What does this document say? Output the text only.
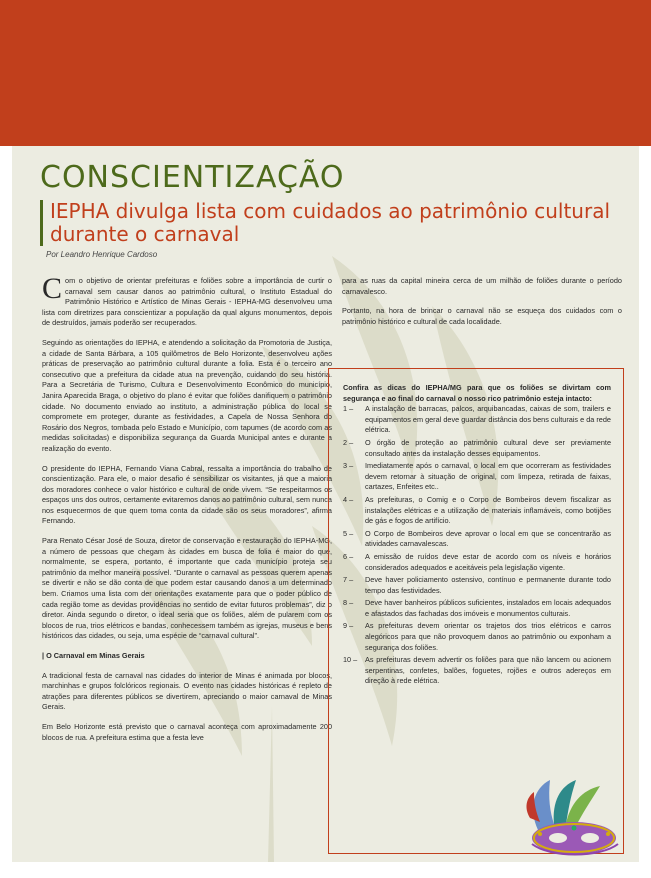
CONSCIENTIZAÇÃO
IEPHA divulga lista com cuidados ao patrimônio cultural durante o carnaval
Por Leandro Henrique Cardoso

Com o objetivo de orientar prefeituras e foliões sobre a importância de curtir o carnaval sem causar danos ao patrimônio cultural, o Instituto Estadual do Patrimônio Histórico e Artístico de Minas Gerais - IEPHA-MG desenvolveu uma lista com diretrizes para conscientizar a população da qual alguns monumentos, depois de destruídos, jamais poderão ser recuperados.

Seguindo as orientações do IEPHA, e atendendo a solicitação da Promotoria de Justiça, a cidade de Santa Bárbara, a 105 quilômetros de Belo Horizonte, desenvolveu ações práticas de preservação ao patrimônio cultural durante a folia. Esta é o terceiro ano consecutivo que a prefeitura da cidade atua na prevenção, cuidando do seu história. Para a Secretária de Turismo, Cultura e Desenvolvimento Econômico do município, Janira Aparecida Braga, o objetivo do plano é evitar que foliões danifiquem o patrimônio cidade. No documento enviado ao instituto, a administração pública do local se compromete em proteger, durante as festividades, a Capela de Nossa Senhora do Rosário dos Negros, tombada pelo Estado e Município, com tapumes (de acordo com as medidas solicitadas) e disponibiliza segurança da Guarda Municipal antes e durante a realização do evento.

O presidente do IEPHA, Fernando Viana Cabral, ressalta a importância do trabalho de conscientização. Para ele, o maior desafio é sensibilizar os visitantes, já que a maioria dos moradores conhece o valor histórico e cultural de onde vivem. “Se respeitarmos os espaços uns dos outros, certamente evitaremos danos ao patrimônio cultural, sem nunca nos esquecermos de que quem toma conta da cidade são os seus moradores”, afirma Fernando.

Para Renato César José de Souza, diretor de conservação e restauração do IEPHA-MG, a número de pessoas que chegam às cidades em busca de folia é maior do que, normalmente, se espera, portanto, é importante que cada município proteja seu patrimônio da melhor maneira possível. “Durante o carnaval as pessoas querem apenas se divertir e não se dão conta de que podem estar causando danos a um determinado bem. Criamos uma lista com der orientações exatamente para que o poder público de cada região tome as devidas providências no sentido de evitar futuros problemas”, diz o diretor. Ainda segundo o diretor, o ideal seria que os foliões, além de pularem com os blocos de rua, trios elétricos e bandas, conhecessem também as igrejas, museus e bens históricos das cidades, ou seja, uma espécie de “carnaval cultural”.

| O Carnaval em Minas Gerais

A tradicional festa de carnaval nas cidades do interior de Minas é animada por blocos, marchinhas e grupos folclóricos regionais. O evento nas cidades históricas é repleto de atrações para diferentes públicos se divertirem, apreciando o maior carnaval de Minas Gerais.

Em Belo Horizonte está previsto que o carnaval aconteça com aproximadamente 200 blocos de rua. A prefeitura estima que a festa leve

para as ruas da capital mineira cerca de um milhão de foliões durante o período carnavalesco.

Portanto, na hora de brincar o carnaval não se esqueça dos cuidados com o patrimônio histórico e cultural de cada localidade.

Confira as dicas do IEPHA/MG para que os foliões se divirtam com segurança e ao final do carnaval o nosso rico patrimônio esteja intacto:
1 –	A instalação de barracas, palcos, arquibancadas, caixas de som, trailers e equipamentos em geral deve guardar distância dos bens culturais e da rede elétrica.
2 –	O órgão de proteção ao patrimônio cultural deve ser previamente consultado antes da instalação desses equipamentos.
3 –	Imediatamente após o carnaval, o local em que ocorreram as festividades devem retornar à situação de original, com limpeza, retirada de faixas, cartazes, Enfeites etc..
4 –	As prefeituras, o Comig e o Corpo de Bombeiros devem fiscalizar as instalações elétricas e a utilização de materiais inflamáveis, como botijões de gás e fogos de artifício.
5 –	O Corpo de Bombeiros deve aprovar o local em que se concentrarão as atividades carnavalescas.
6 –	A emissão de ruídos deve estar de acordo com os níveis e horários considerados adequados e aceitáveis pela legislação vigente.
7 –	Deve haver policiamento ostensivo, contínuo e permanente durante todo tempo das festividades.
8 –	Deve haver banheiros públicos suficientes, instalados em locais adequados e afastados das fachadas dos imóveis e monumentos culturais.
9 –	As prefeituras devem orientar os trajetos dos trios elétricos e carros alegóricos para que não provoquem danos ao patrimônio ou exponham a segurança dos foliões.
10 –	As prefeituras devem advertir os foliões para que não lancem ou acionem serpentinas, confetes, balões, foguetes, rojões e outros adereços em direção à rede elétrica.
